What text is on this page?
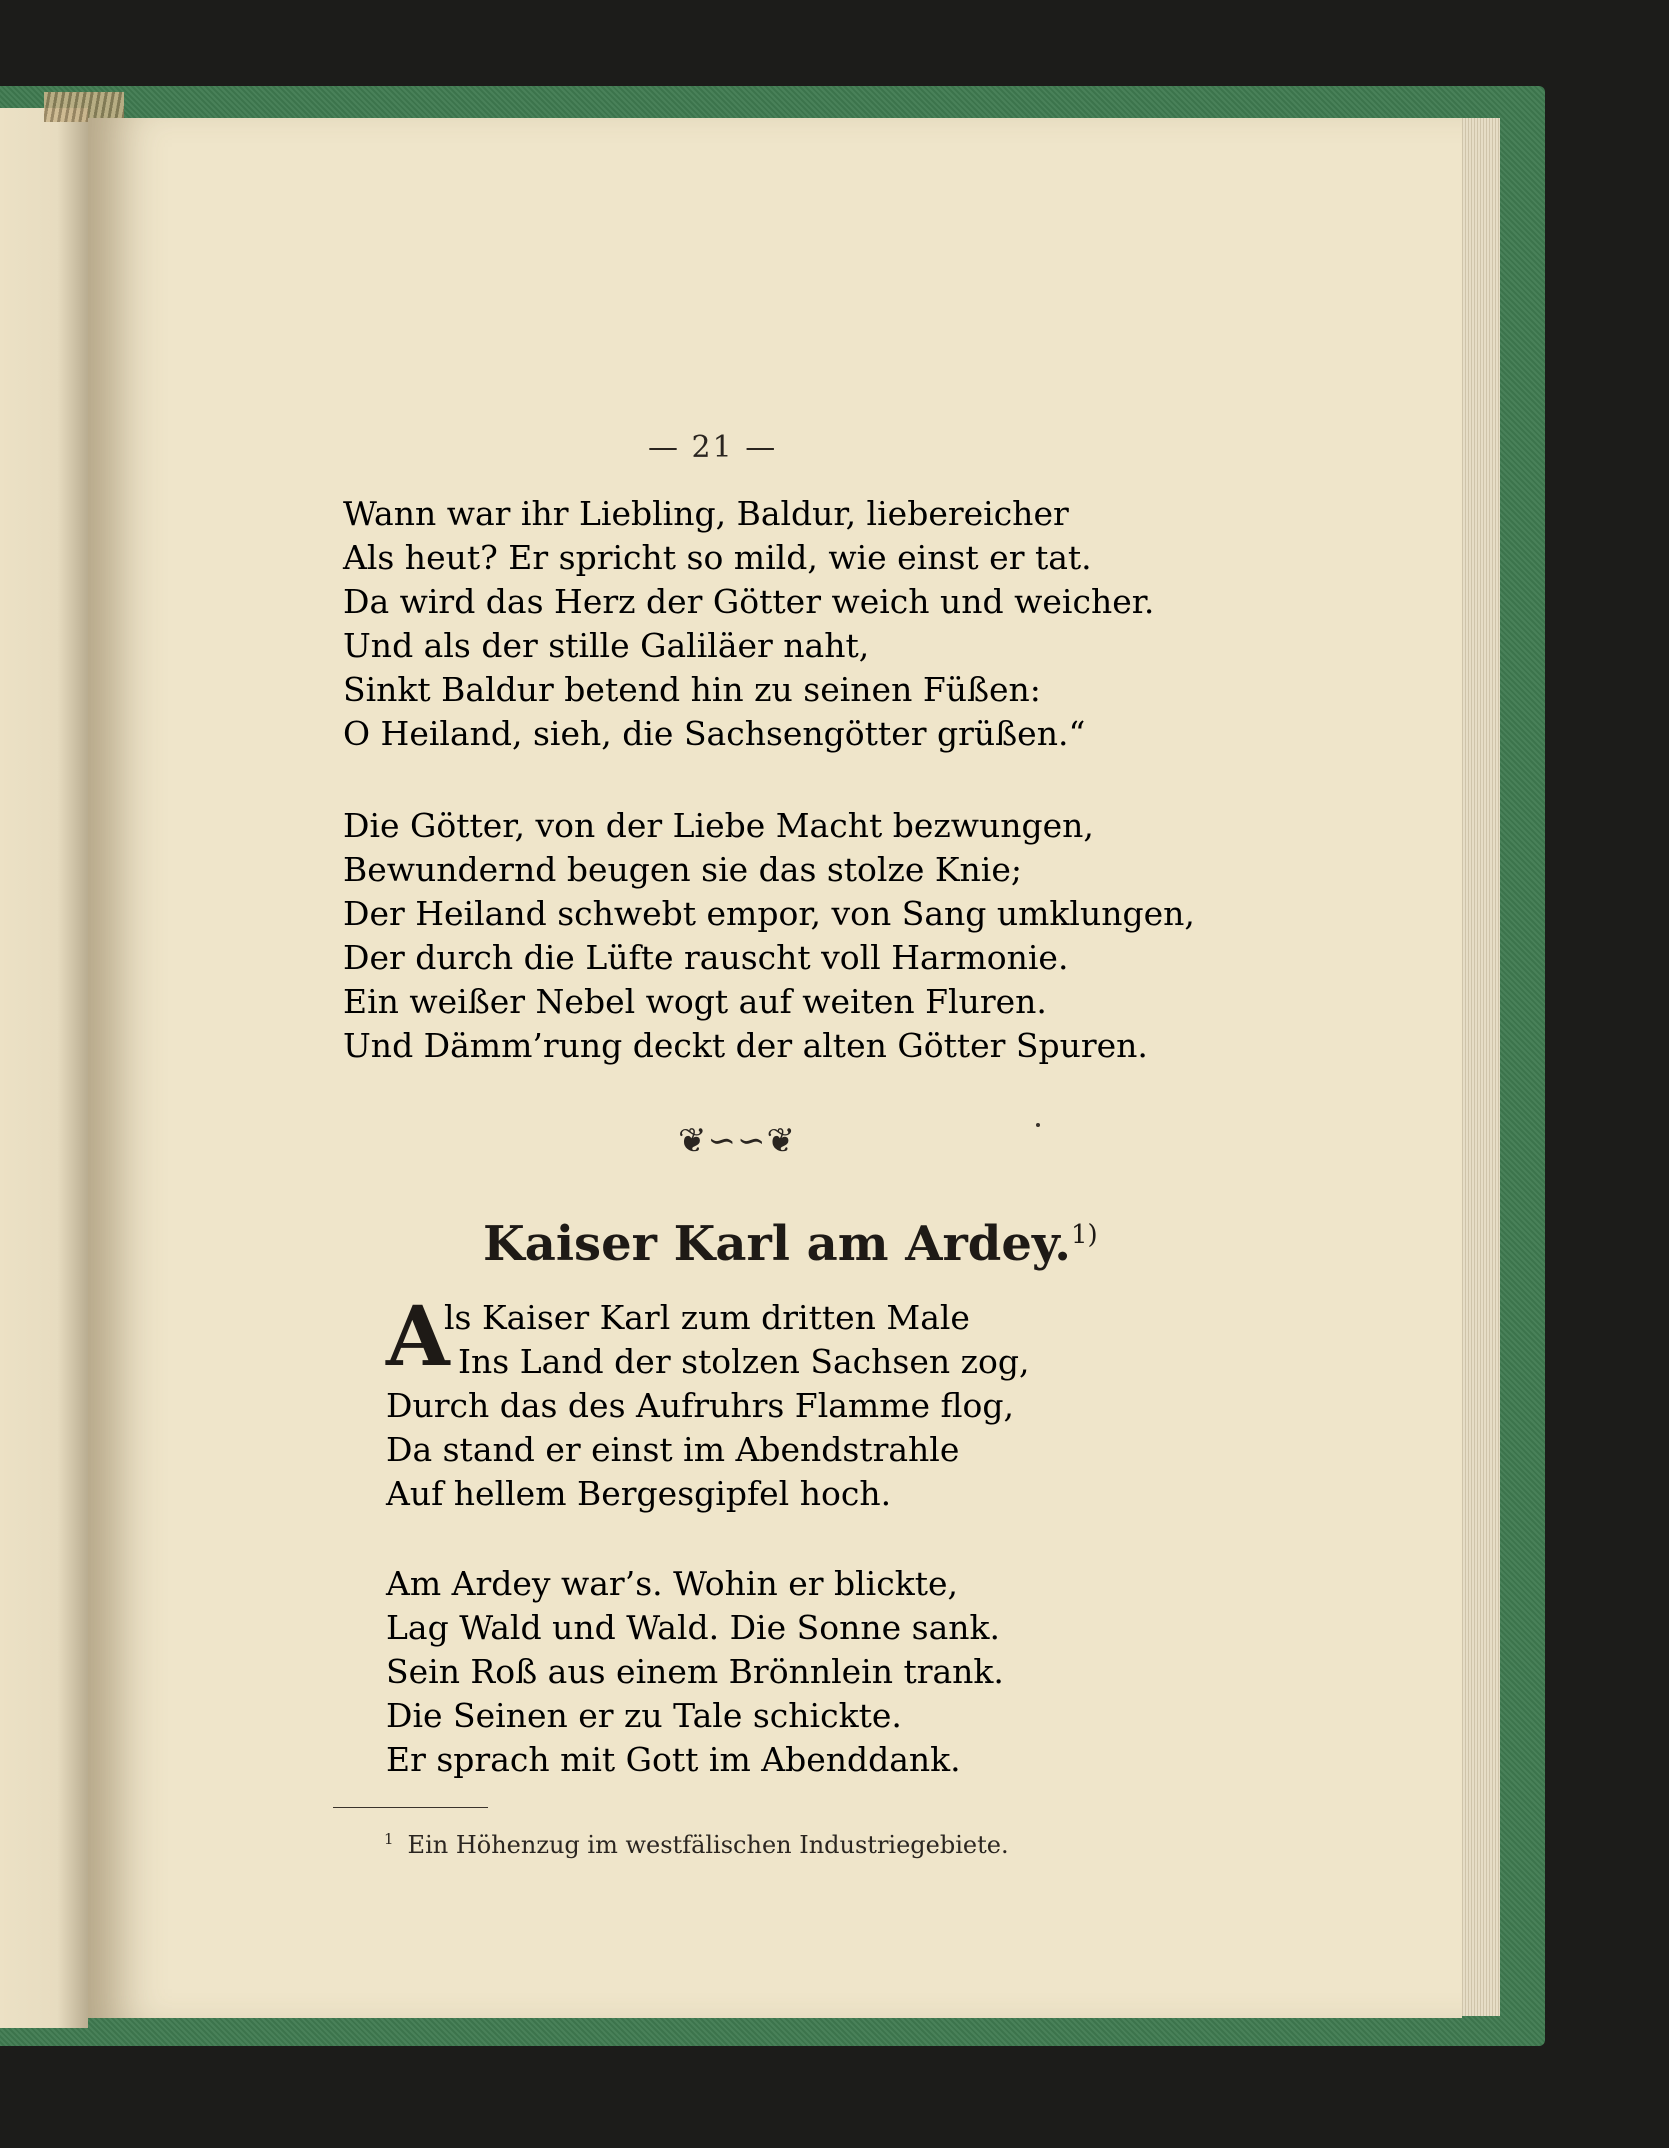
— 21 —
Wann war ihr Liebling, Baldur, liebereicher
Als heut? Er spricht so mild, wie einst er tat.
Da wird das Herz der Götter weich und weicher.
Und als der stille Galiläer naht,
Sinkt Baldur betend hin zu seinen Füßen:
O Heiland, sieh, die Sachsengötter grüßen.“
Die Götter, von der Liebe Macht bezwungen,
Bewundernd beugen sie das stolze Knie;
Der Heiland schwebt empor, von Sang umklungen,
Der durch die Lüfte rauscht voll Harmonie.
Ein weißer Nebel wogt auf weiten Fluren.
Und Dämm’rung deckt der alten Götter Spuren.
❦∽∽❦
Kaiser Karl am Ardey.$^{1)}$
A
ls Kaiser Karl zum dritten Male
Ins Land der stolzen Sachsen zog,
Durch das des Aufruhrs Flamme flog,
Da stand er einst im Abendstrahle
Auf hellem Bergesgipfel hoch.
Am Ardey war’s. Wohin er blickte,
Lag Wald und Wald. Die Sonne sank.
Sein Roß aus einem Brönnlein trank.
Die Seinen er zu Tale schickte.
Er sprach mit Gott im Abenddank.
$^1$ Ein Höhenzug im westfälischen Industriegebiete.
